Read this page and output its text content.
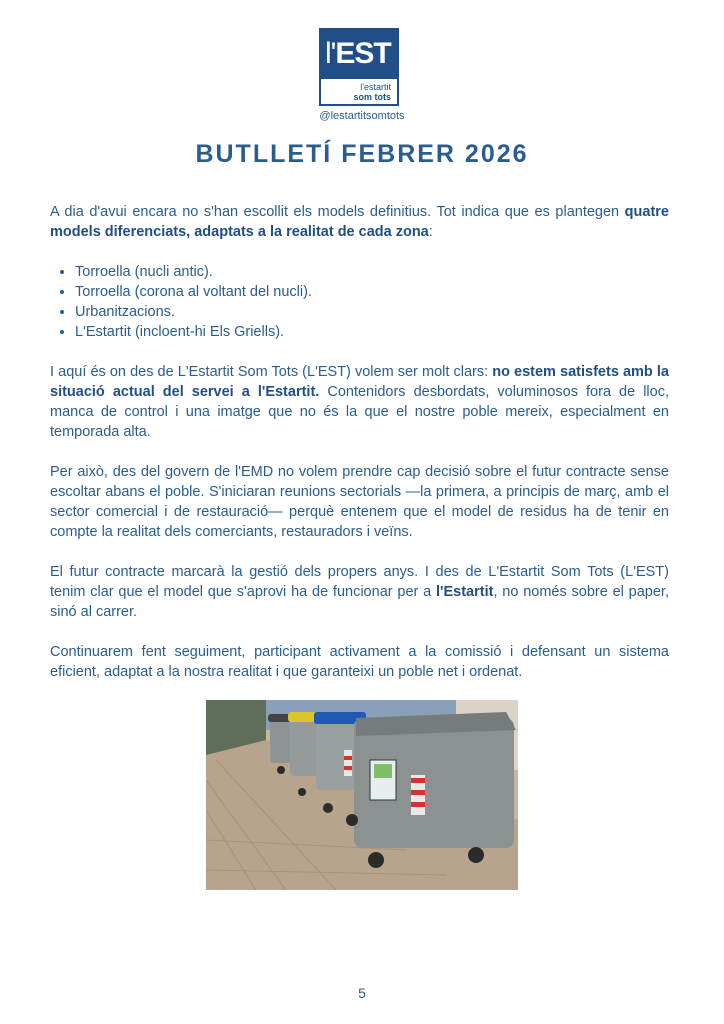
l'EST
l'estartit
som tots
@lestartitsomtots
BUTLLETÍ FEBRER 2026

A dia d'avui encara no s'han escollit els models definitius. Tot indica que es plantegen quatre models diferenciats, adaptats a la realitat de cada zona:

• Torroella (nucli antic).
• Torroella (corona al voltant del nucli).
• Urbanitzacions.
• L'Estartit (incloent-hi Els Griells).

I aquí és on des de L'Estartit Som Tots (L'EST) volem ser molt clars: no estem satisfets amb la situació actual del servei a l'Estartit. Contenidors desbordats, voluminosos fora de lloc, manca de control i una imatge que no és la que el nostre poble mereix, especialment en temporada alta.

Per això, des del govern de l'EMD no volem prendre cap decisió sobre el futur contracte sense escoltar abans el poble. S'iniciaran reunions sectorials —la primera, a principis de març, amb el sector comercial i de restauració— perquè entenem que el model de residus ha de tenir en compte la realitat dels comerciants, restauradors i veïns.

El futur contracte marcarà la gestió dels propers anys. I des de L'Estartit Som Tots (L'EST) tenim clar que el model que s'aprovi ha de funcionar per a l'Estartit, no només sobre el paper, sinó al carrer.

Continuarem fent seguiment, participant activament a la comissió i defensant un sistema eficient, adaptat a la nostra realitat i que garanteixi un poble net i ordenat.

5
